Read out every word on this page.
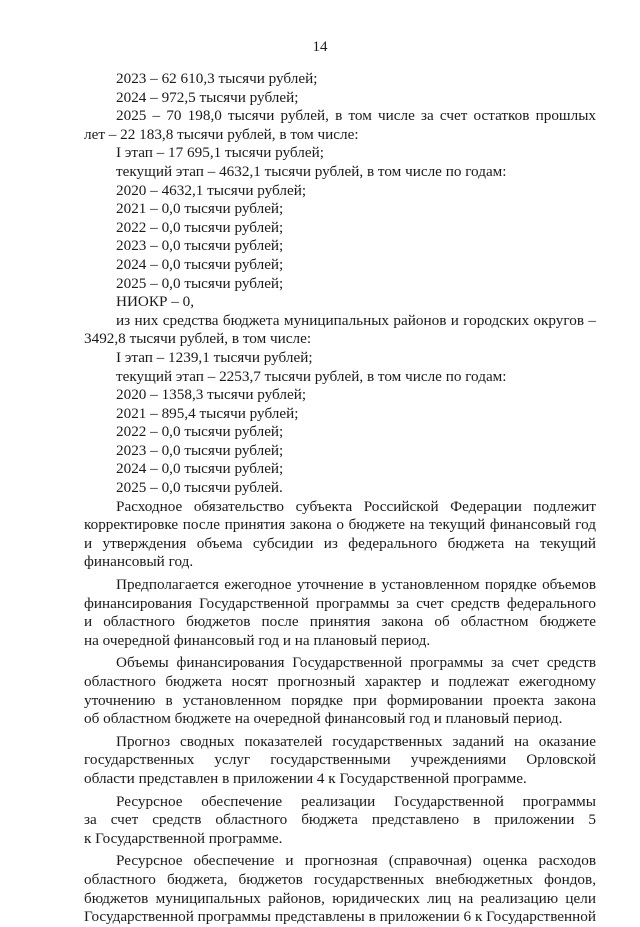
14
2023 – 62 610,3 тысячи рублей;
2024 – 972,5 тысячи рублей;
2025 – 70 198,0 тысячи рублей, в том числе за счет остатков прошлых
лет – 22 183,8 тысячи рублей, в том числе:
I этап – 17 695,1 тысячи рублей;
текущий этап – 4632,1 тысячи рублей, в том числе по годам:
2020 – 4632,1 тысячи рублей;
2021 – 0,0 тысячи рублей;
2022 – 0,0 тысячи рублей;
2023 – 0,0 тысячи рублей;
2024 – 0,0 тысячи рублей;
2025 – 0,0 тысячи рублей;
НИОКР – 0,
из них средства бюджета муниципальных районов и городских округов –
3492,8 тысячи рублей, в том числе:
I этап – 1239,1 тысячи рублей;
текущий этап – 2253,7 тысячи рублей, в том числе по годам:
2020 – 1358,3 тысячи рублей;
2021 – 895,4 тысячи рублей;
2022 – 0,0 тысячи рублей;
2023 – 0,0 тысячи рублей;
2024 – 0,0 тысячи рублей;
2025 – 0,0 тысячи рублей.
Расходное обязательство субъекта Российской Федерации подлежит
корректировке после принятия закона о бюджете на текущий финансовый год
и утверждения объема субсидии из федерального бюджета на текущий
финансовый год.
Предполагается ежегодное уточнение в установленном порядке объемов
финансирования Государственной программы за счет средств федерального
и областного бюджетов после принятия закона об областном бюджете
на очередной финансовый год и на плановый период.
Объемы финансирования Государственной программы за счет средств
областного бюджета носят прогнозный характер и подлежат ежегодному
уточнению в установленном порядке при формировании проекта закона
об областном бюджете на очередной финансовый год и плановый период.
Прогноз сводных показателей государственных заданий на оказание
государственных услуг государственными учреждениями Орловской
области представлен в приложении 4 к Государственной программе.
Ресурсное обеспечение реализации Государственной программы
за счет средств областного бюджета представлено в приложении 5
к Государственной программе.
Ресурсное обеспечение и прогнозная (справочная) оценка расходов
областного бюджета, бюджетов государственных внебюджетных фондов,
бюджетов муниципальных районов, юридических лиц на реализацию цели
Государственной программы представлены в приложении 6 к Государственной
